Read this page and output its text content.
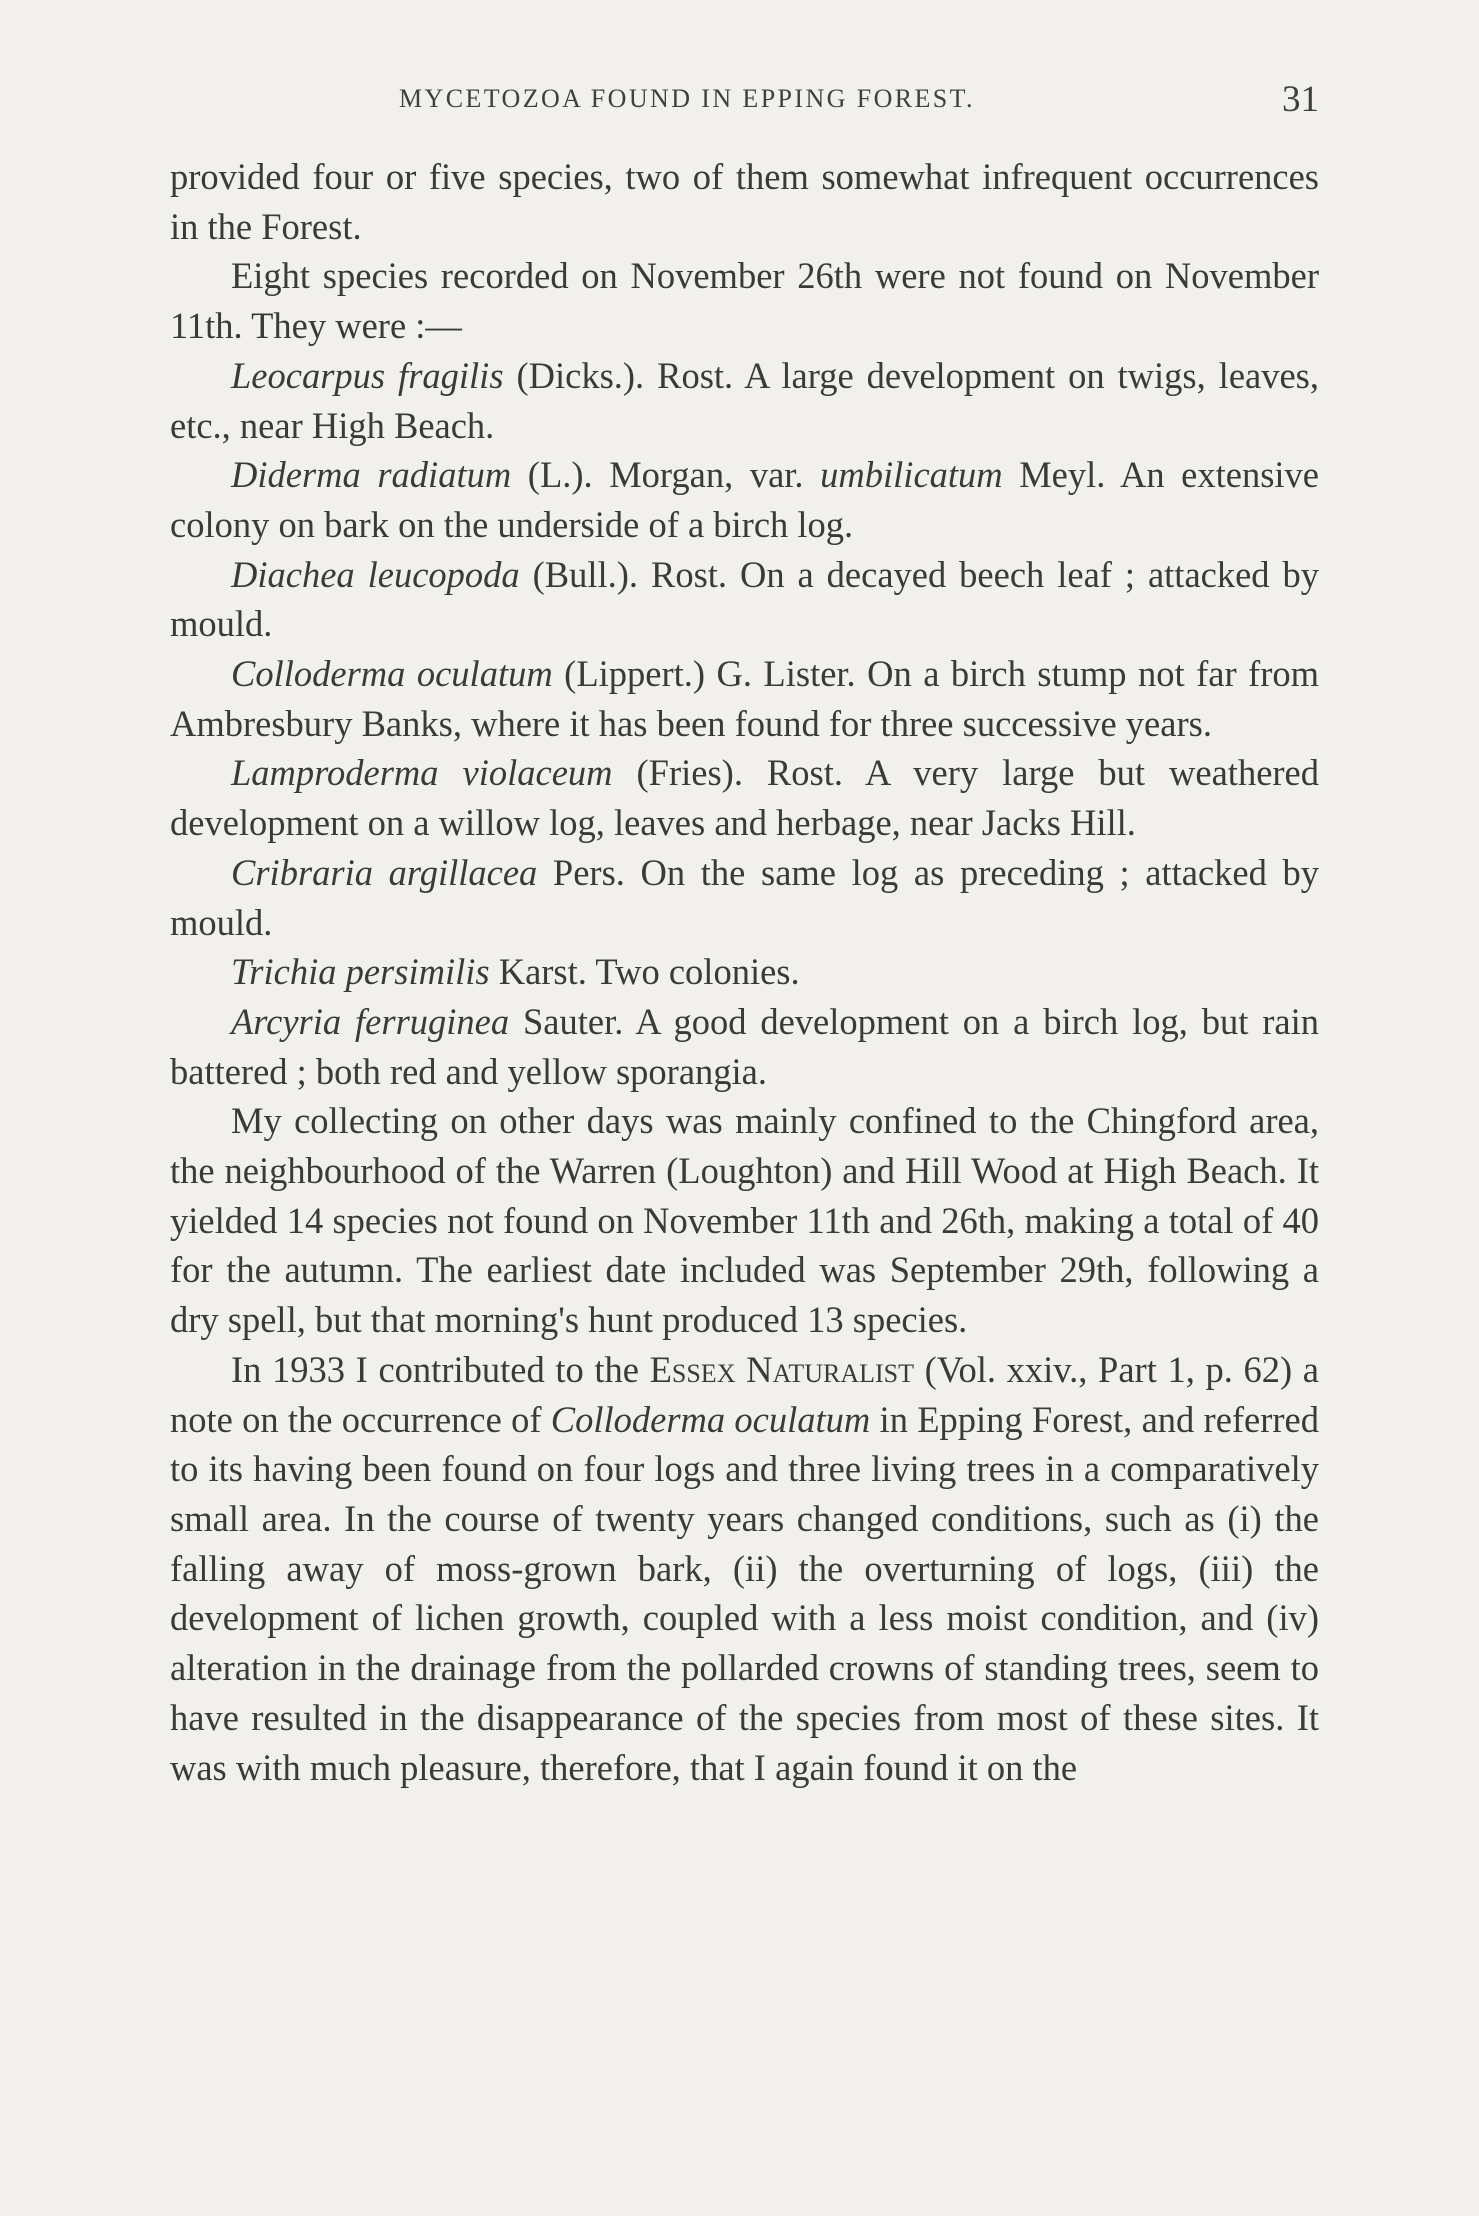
MYCETOZOA FOUND IN EPPING FOREST.	31

provided four or five species, two of them somewhat infrequent occurrences in the Forest.

Eight species recorded on November 26th were not found on November 11th. They were :—

Leocarpus fragilis (Dicks.). Rost. A large development on twigs, leaves, etc., near High Beach.

Diderma radiatum (L.). Morgan, var. umbilicatum Meyl. An extensive colony on bark on the underside of a birch log.

Diachea leucopoda (Bull.). Rost. On a decayed beech leaf ; attacked by mould.

Colloderma oculatum (Lippert.) G. Lister. On a birch stump not far from Ambresbury Banks, where it has been found for three successive years.

Lamproderma violaceum (Fries). Rost. A very large but weathered development on a willow log, leaves and herbage, near Jacks Hill.

Cribraria argillacea Pers. On the same log as preceding ; attacked by mould.

Trichia persimilis Karst. Two colonies.

Arcyria ferruginea Sauter. A good development on a birch log, but rain battered ; both red and yellow sporangia.

My collecting on other days was mainly confined to the Chingford area, the neighbourhood of the Warren (Loughton) and Hill Wood at High Beach. It yielded 14 species not found on November 11th and 26th, making a total of 40 for the autumn. The earliest date included was September 29th, following a dry spell, but that morning's hunt produced 13 species.

In 1933 I contributed to the Essex Naturalist (Vol. xxiv., Part 1, p. 62) a note on the occurrence of Colloderma oculatum in Epping Forest, and referred to its having been found on four logs and three living trees in a comparatively small area. In the course of twenty years changed conditions, such as (i) the falling away of moss-grown bark, (ii) the overturning of logs, (iii) the development of lichen growth, coupled with a less moist condition, and (iv) alteration in the drainage from the pollarded crowns of standing trees, seem to have resulted in the disappearance of the species from most of these sites. It was with much pleasure, therefore, that I again found it on the
